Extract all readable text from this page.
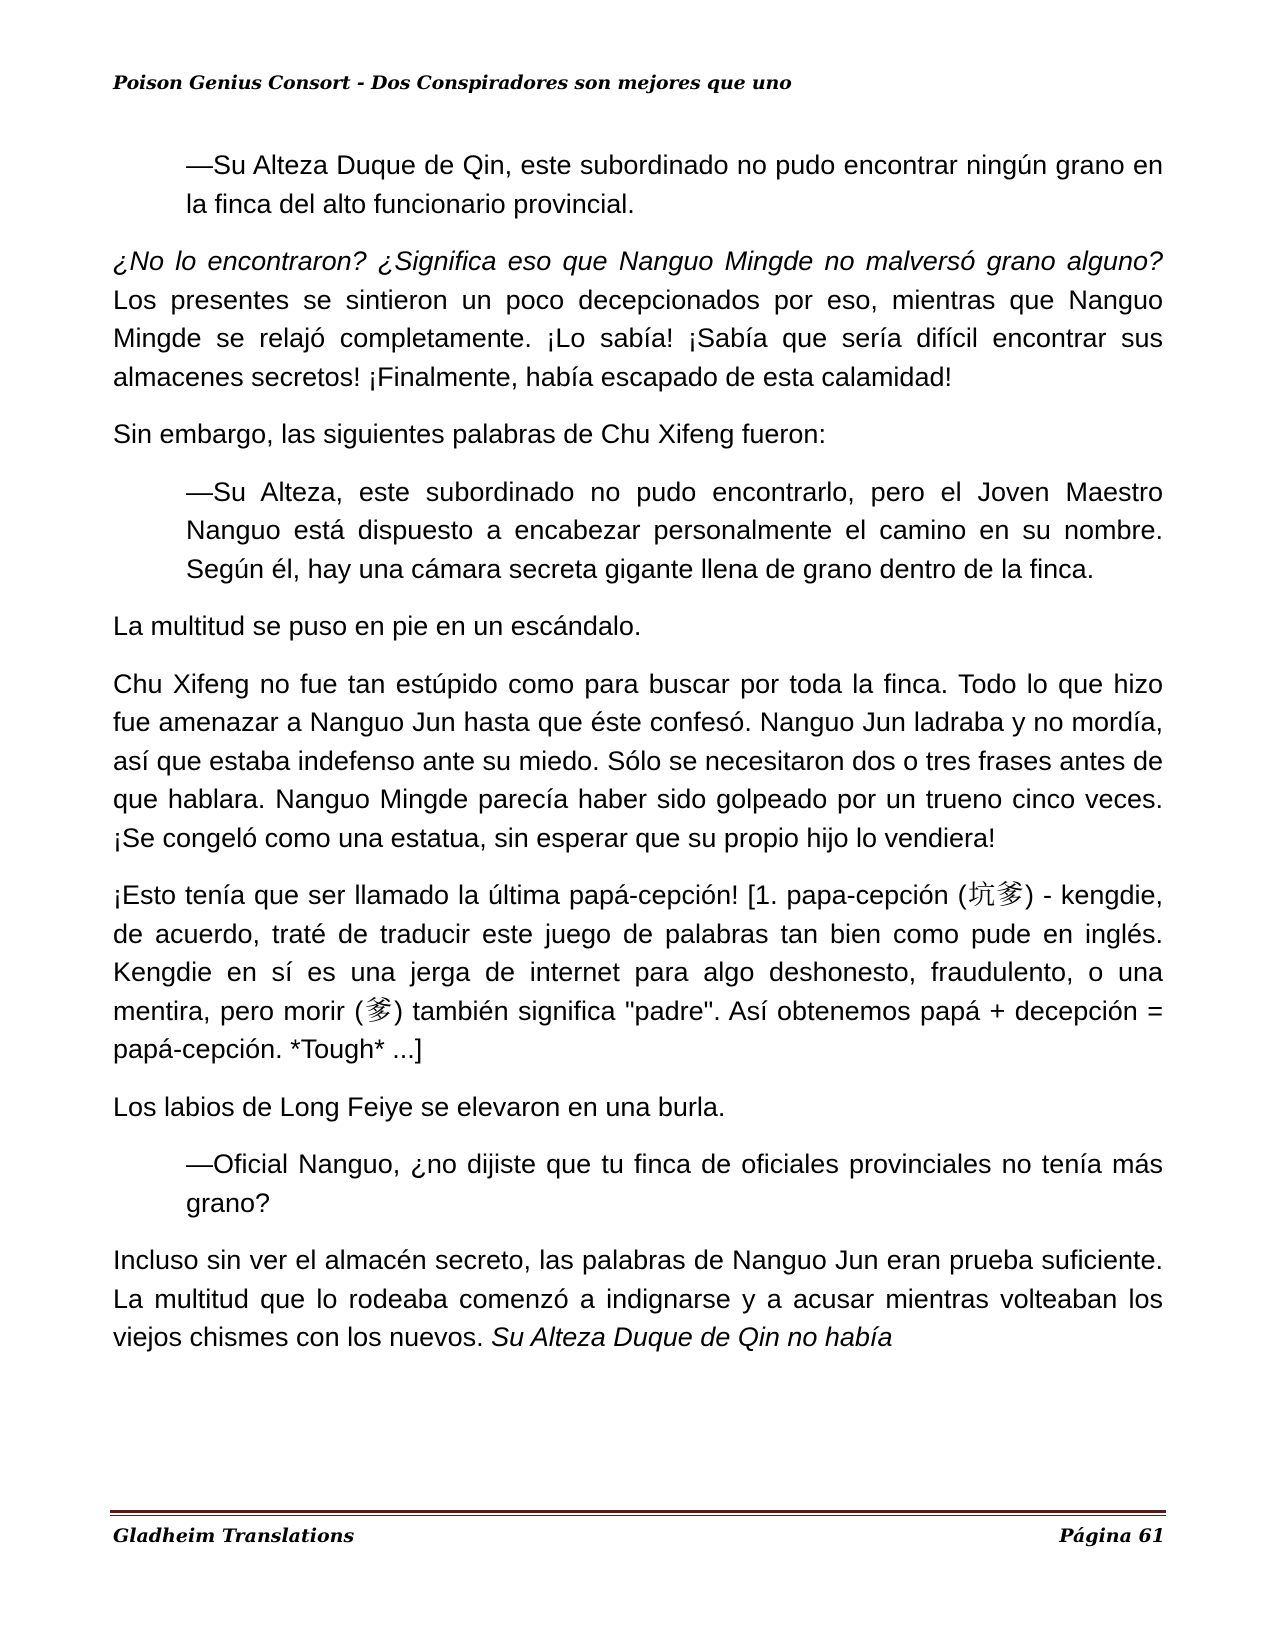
Poison Genius Consort - Dos Conspiradores son mejores que uno

—Su Alteza Duque de Qin, este subordinado no pudo encontrar ningún grano en la finca del alto funcionario provincial.

¿No lo encontraron? ¿Significa eso que Nanguo Mingde no malversó grano alguno? Los presentes se sintieron un poco decepcionados por eso, mientras que Nanguo Mingde se relajó completamente. ¡Lo sabía! ¡Sabía que sería difícil encontrar sus almacenes secretos! ¡Finalmente, había escapado de esta calamidad!

Sin embargo, las siguientes palabras de Chu Xifeng fueron:

—Su Alteza, este subordinado no pudo encontrarlo, pero el Joven Maestro Nanguo está dispuesto a encabezar personalmente el camino en su nombre. Según él, hay una cámara secreta gigante llena de grano dentro de la finca.

La multitud se puso en pie en un escándalo.

Chu Xifeng no fue tan estúpido como para buscar por toda la finca. Todo lo que hizo fue amenazar a Nanguo Jun hasta que éste confesó. Nanguo Jun ladraba y no mordía, así que estaba indefenso ante su miedo. Sólo se necesitaron dos o tres frases antes de que hablara. Nanguo Mingde parecía haber sido golpeado por un trueno cinco veces. ¡Se congeló como una estatua, sin esperar que su propio hijo lo vendiera!

¡Esto tenía que ser llamado la última papá-cepción! [1. papa-cepción (坑爹) - kengdie, de acuerdo, traté de traducir este juego de palabras tan bien como pude en inglés. Kengdie en sí es una jerga de internet para algo deshonesto, fraudulento, o una mentira, pero morir (爹) también significa "padre". Así obtenemos papá + decepción = papá-cepción. *Tough* ...]

Los labios de Long Feiye se elevaron en una burla.

—Oficial Nanguo, ¿no dijiste que tu finca de oficiales provinciales no tenía más grano?

Incluso sin ver el almacén secreto, las palabras de Nanguo Jun eran prueba suficiente. La multitud que lo rodeaba comenzó a indignarse y a acusar mientras volteaban los viejos chismes con los nuevos. Su Alteza Duque de Qin no había

Gladheim Translations	Página 61
